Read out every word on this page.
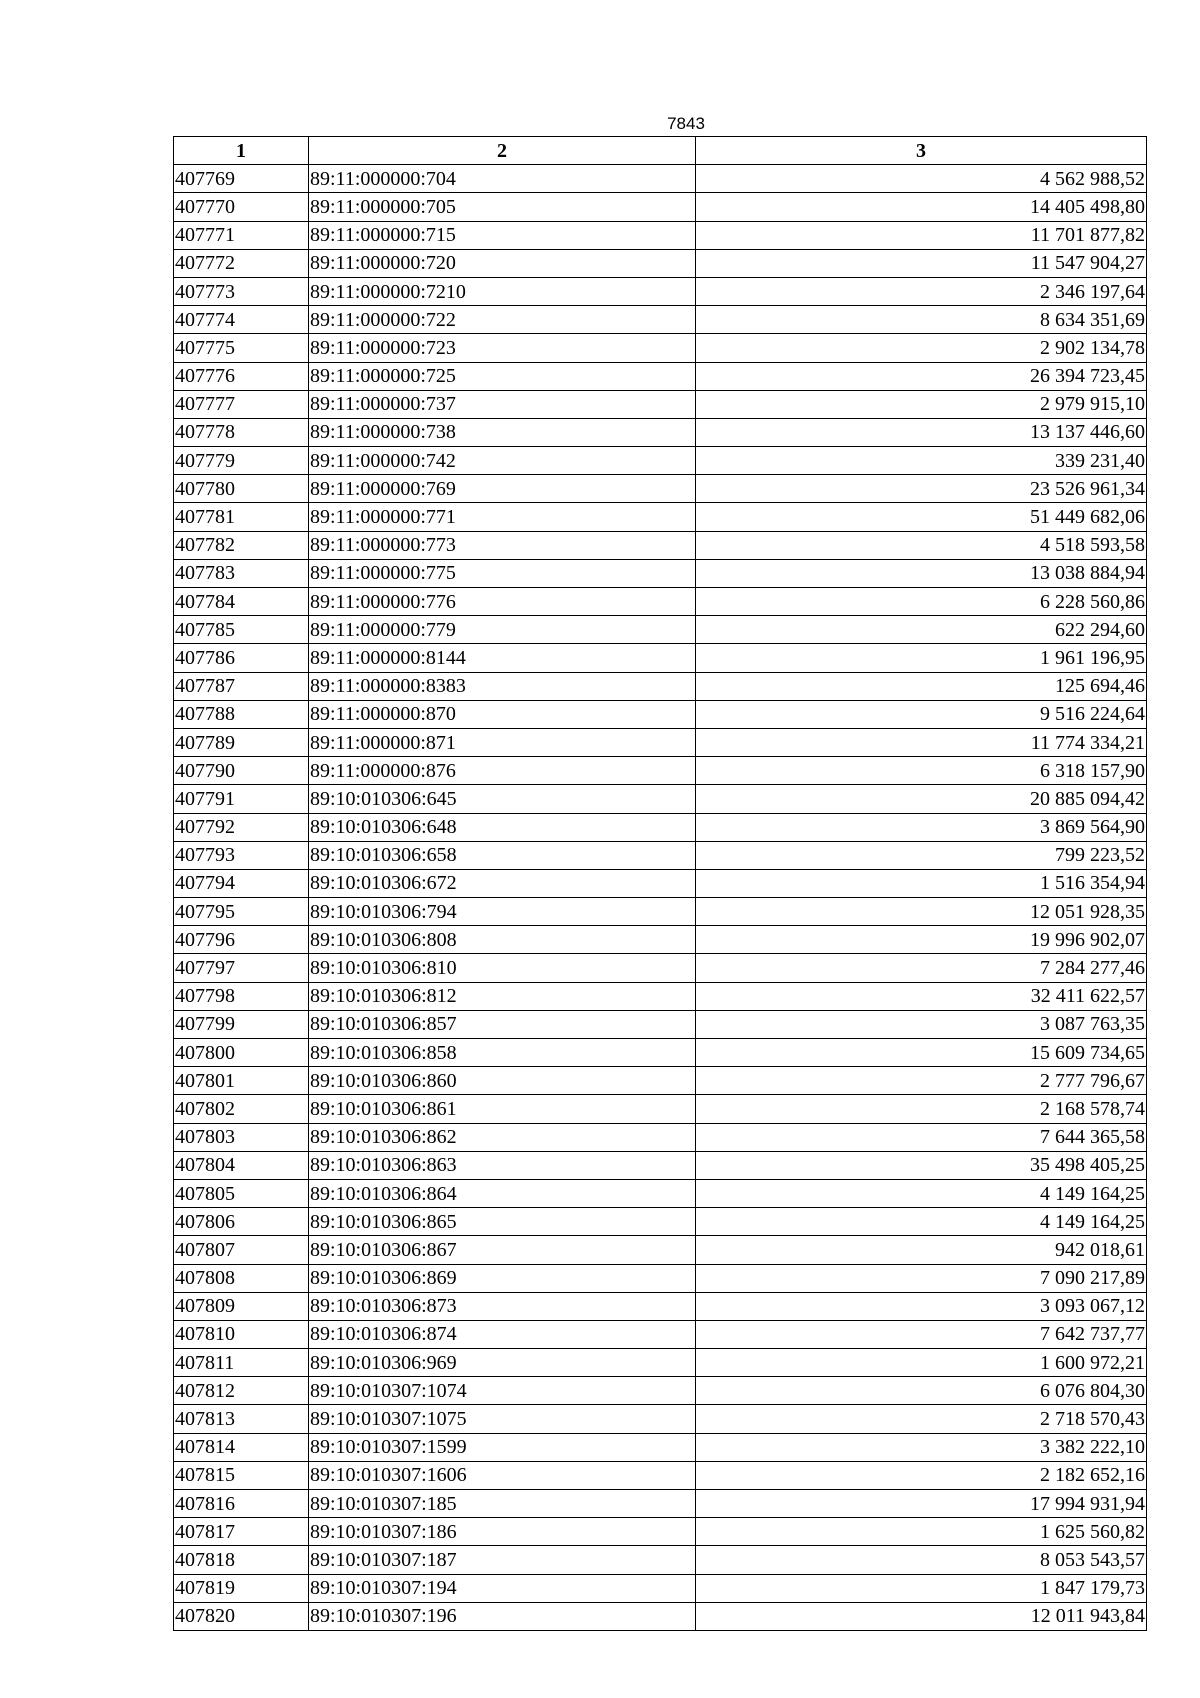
7843
1	2	3
407769	89:11:000000:704	4 562 988,52
407770	89:11:000000:705	14 405 498,80
407771	89:11:000000:715	11 701 877,82
407772	89:11:000000:720	11 547 904,27
407773	89:11:000000:7210	2 346 197,64
407774	89:11:000000:722	8 634 351,69
407775	89:11:000000:723	2 902 134,78
407776	89:11:000000:725	26 394 723,45
407777	89:11:000000:737	2 979 915,10
407778	89:11:000000:738	13 137 446,60
407779	89:11:000000:742	339 231,40
407780	89:11:000000:769	23 526 961,34
407781	89:11:000000:771	51 449 682,06
407782	89:11:000000:773	4 518 593,58
407783	89:11:000000:775	13 038 884,94
407784	89:11:000000:776	6 228 560,86
407785	89:11:000000:779	622 294,60
407786	89:11:000000:8144	1 961 196,95
407787	89:11:000000:8383	125 694,46
407788	89:11:000000:870	9 516 224,64
407789	89:11:000000:871	11 774 334,21
407790	89:11:000000:876	6 318 157,90
407791	89:10:010306:645	20 885 094,42
407792	89:10:010306:648	3 869 564,90
407793	89:10:010306:658	799 223,52
407794	89:10:010306:672	1 516 354,94
407795	89:10:010306:794	12 051 928,35
407796	89:10:010306:808	19 996 902,07
407797	89:10:010306:810	7 284 277,46
407798	89:10:010306:812	32 411 622,57
407799	89:10:010306:857	3 087 763,35
407800	89:10:010306:858	15 609 734,65
407801	89:10:010306:860	2 777 796,67
407802	89:10:010306:861	2 168 578,74
407803	89:10:010306:862	7 644 365,58
407804	89:10:010306:863	35 498 405,25
407805	89:10:010306:864	4 149 164,25
407806	89:10:010306:865	4 149 164,25
407807	89:10:010306:867	942 018,61
407808	89:10:010306:869	7 090 217,89
407809	89:10:010306:873	3 093 067,12
407810	89:10:010306:874	7 642 737,77
407811	89:10:010306:969	1 600 972,21
407812	89:10:010307:1074	6 076 804,30
407813	89:10:010307:1075	2 718 570,43
407814	89:10:010307:1599	3 382 222,10
407815	89:10:010307:1606	2 182 652,16
407816	89:10:010307:185	17 994 931,94
407817	89:10:010307:186	1 625 560,82
407818	89:10:010307:187	8 053 543,57
407819	89:10:010307:194	1 847 179,73
407820	89:10:010307:196	12 011 943,84
